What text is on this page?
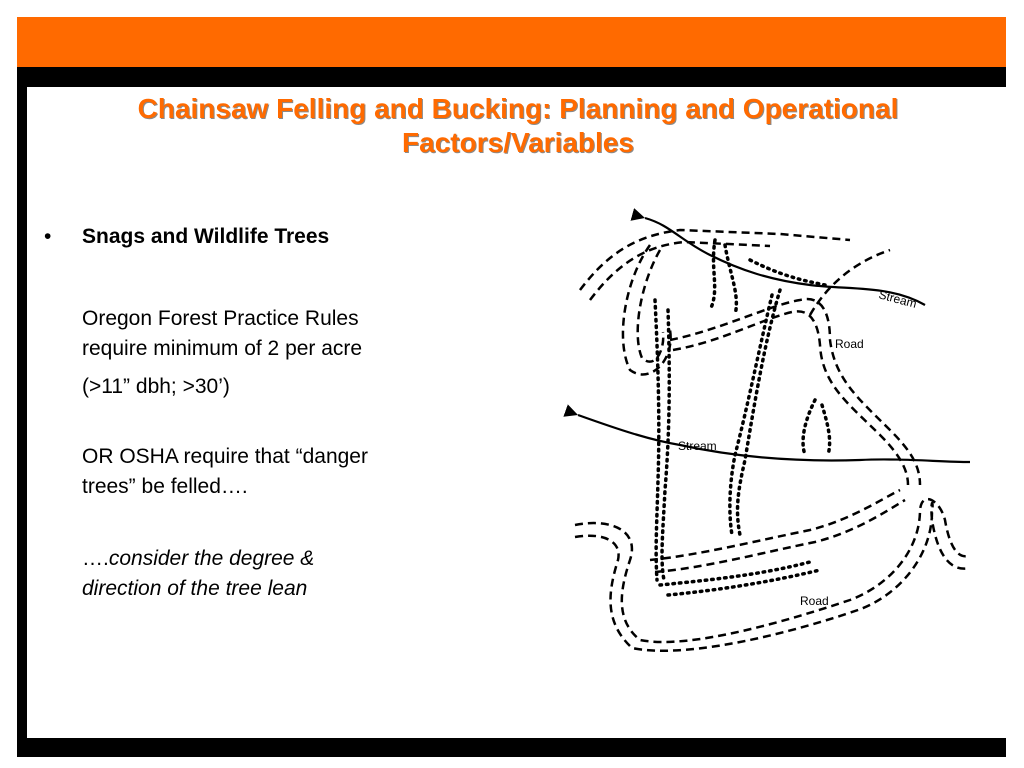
Chainsaw Felling and Bucking: Planning and Operational
Factors/Variables
•	Snags and Wildlife Trees
Oregon Forest Practice Rules
require minimum of 2 per acre
(>11” dbh; >30’)
OR OSHA require that “danger
trees” be felled….
….consider the degree &
direction of the tree lean
Stream
Road
Stream
Road
